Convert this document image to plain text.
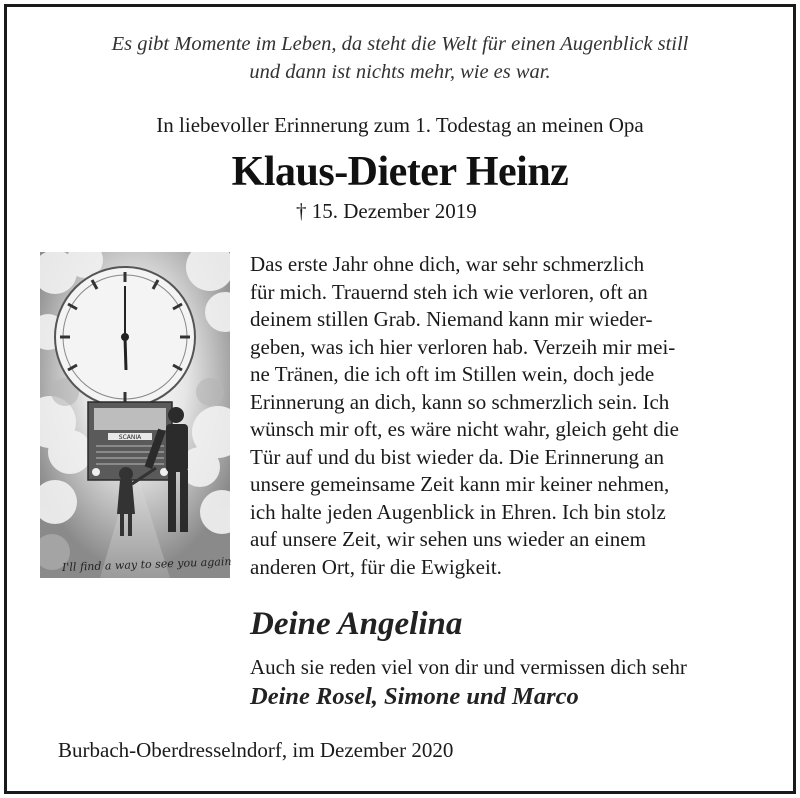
Es gibt Momente im Leben, da steht die Welt für einen Augenblick still
und dann ist nichts mehr, wie es war.
In liebevoller Erinnerung zum 1. Todestag an meinen Opa
Klaus-Dieter Heinz
† 15. Dezember 2019
SCANIA
I'll find a way to see you again
Das erste Jahr ohne dich, war sehr schmerzlich
für mich. Trauernd steh ich wie verloren, oft an
deinem stillen Grab. Niemand kann mir wieder-
geben, was ich hier verloren hab. Verzeih mir mei-
ne Tränen, die ich oft im Stillen wein, doch jede
Erinnerung an dich, kann so schmerzlich sein. Ich
wünsch mir oft, es wäre nicht wahr, gleich geht die
Tür auf und du bist wieder da. Die Erinnerung an
unsere gemeinsame Zeit kann mir keiner nehmen,
ich halte jeden Augenblick in Ehren. Ich bin stolz
auf unsere Zeit, wir sehen uns wieder an einem
anderen Ort, für die Ewigkeit.
Deine Angelina
Auch sie reden viel von dir und vermissen dich sehr
Deine Rosel, Simone und Marco
Burbach-Oberdresselndorf, im Dezember 2020
